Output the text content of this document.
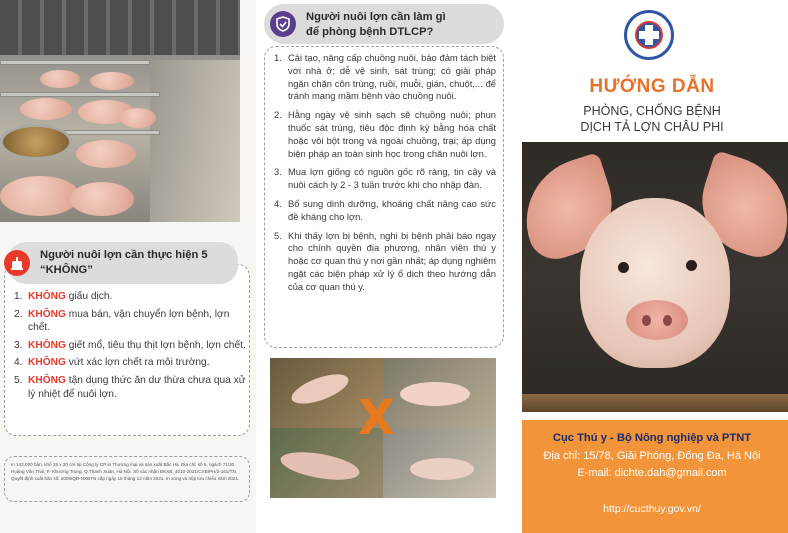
Người nuôi lợn cần thực hiện 5
“KHÔNG”
1. KHÔNG giấu dịch.
2. KHÔNG mua bán, vận chuyển lợn bệnh, lợn chết.
3. KHÔNG giết mổ, tiêu thụ thịt lợn bệnh, lợn chết.
4. KHÔNG vứt xác lợn chết ra môi trường.
5. KHÔNG tận dụng thức ăn dư thừa chưa qua xử lý nhiệt để nuôi lợn.
In 142.000 bản, khổ 28 x 20 cm tại Công ty CP in Thương mại và sản xuất Bắc Hà. Địa chỉ: số 5, ngách 71/30 Hoàng Văn Thái, P. Khương Trung, Q.Thanh Xuân, Hà Nội. Số xác nhận ĐKXB: 4010-2021/CXBIPH/2-161/TN. Quyết định xuất bản số: 2009/QĐ-NXBTN cấp ngày 15 tháng 12 năm 2021. In xong và nộp lưu chiểu năm 2021.
Người nuôi lợn cần làm gì
để phòng bệnh DTLCP?
1. Cải tạo, nâng cấp chuồng nuôi, bảo đảm tách biệt với nhà ở; dễ vệ sinh, sát trùng; có giải pháp ngăn chặn côn trùng, ruồi, muỗi, gián, chuột,... để tránh mang mầm bệnh vào chuồng nuôi.
2. Hằng ngày vệ sinh sạch sẽ chuồng nuôi; phun thuốc sát trùng, tiêu độc định kỳ bằng hóa chất hoặc vôi bột trong và ngoài chuồng, trại; áp dụng biện pháp an toàn sinh học trong chăn nuôi lợn.
3. Mua lợn giống có nguồn gốc rõ ràng, tin cậy và nuôi cách ly 2 - 3 tuần trước khi cho nhập đàn.
4. Bổ sung dinh dưỡng, khoáng chất nâng cao sức đề kháng cho lợn.
5. Khi thấy lợn bị bệnh, nghi bị bệnh phải báo ngay cho chính quyền địa phương, nhân viên thú y hoặc cơ quan thú y nơi gần nhất; áp dụng nghiêm ngặt các biện pháp xử lý ổ dịch theo hướng dẫn của cơ quan thú y.
X
HƯỚNG DẪN
PHÒNG, CHỐNG BỆNH
DỊCH TẢ LỢN CHÂU PHI
Cục Thú y - Bộ Nông nghiệp và PTNT
Địa chỉ: 15/78, Giải Phóng, Đống Đa, Hà Nội
E-mail: dichte.dah@gmail.com
http://cucthuy.gov.vn/
